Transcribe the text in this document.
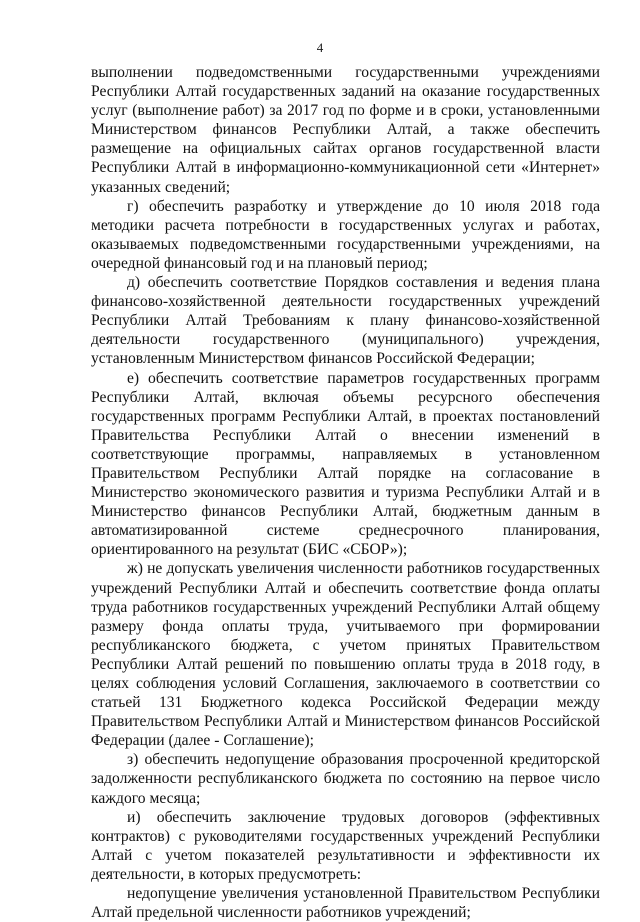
4

выполнении подведомственными государственными учреждениями Республики Алтай государственных заданий на оказание государственных услуг (выполнение работ) за 2017 год по форме и в сроки, установленными Министерством финансов Республики Алтай, а также обеспечить размещение на официальных сайтах органов государственной власти Республики Алтай в информационно-коммуникационной сети «Интернет» указанных сведений;

г) обеспечить разработку и утверждение до 10 июля 2018 года методики расчета потребности в государственных услугах и работах, оказываемых подведомственными государственными учреждениями, на очередной финансовый год и на плановый период;

д) обеспечить соответствие Порядков составления и ведения плана финансово-хозяйственной деятельности государственных учреждений Республики Алтай Требованиям к плану финансово-хозяйственной деятельности государственного (муниципального) учреждения, установленным Министерством финансов Российской Федерации;

е) обеспечить соответствие параметров государственных программ Республики Алтай, включая объемы ресурсного обеспечения государственных программ Республики Алтай, в проектах постановлений Правительства Республики Алтай о внесении изменений в соответствующие программы, направляемых в установленном Правительством Республики Алтай порядке на согласование в Министерство экономического развития и туризма Республики Алтай и в Министерство финансов Республики Алтай, бюджетным данным в автоматизированной системе среднесрочного планирования, ориентированного на результат (БИС «СБОР»);

ж) не допускать увеличения численности работников государственных учреждений Республики Алтай и обеспечить соответствие фонда оплаты труда работников государственных учреждений Республики Алтай общему размеру фонда оплаты труда, учитываемого при формировании республиканского бюджета, с учетом принятых Правительством Республики Алтай решений по повышению оплаты труда в 2018 году, в целях соблюдения условий Соглашения, заключаемого в соответствии со статьей 131 Бюджетного кодекса Российской Федерации между Правительством Республики Алтай и Министерством финансов Российской Федерации (далее - Соглашение);

з) обеспечить недопущение образования просроченной кредиторской задолженности республиканского бюджета по состоянию на первое число каждого месяца;

и) обеспечить заключение трудовых договоров (эффективных контрактов) с руководителями государственных учреждений Республики Алтай с учетом показателей результативности и эффективности их деятельности, в которых предусмотреть:

недопущение увеличения установленной Правительством Республики Алтай предельной численности работников учреждений;
